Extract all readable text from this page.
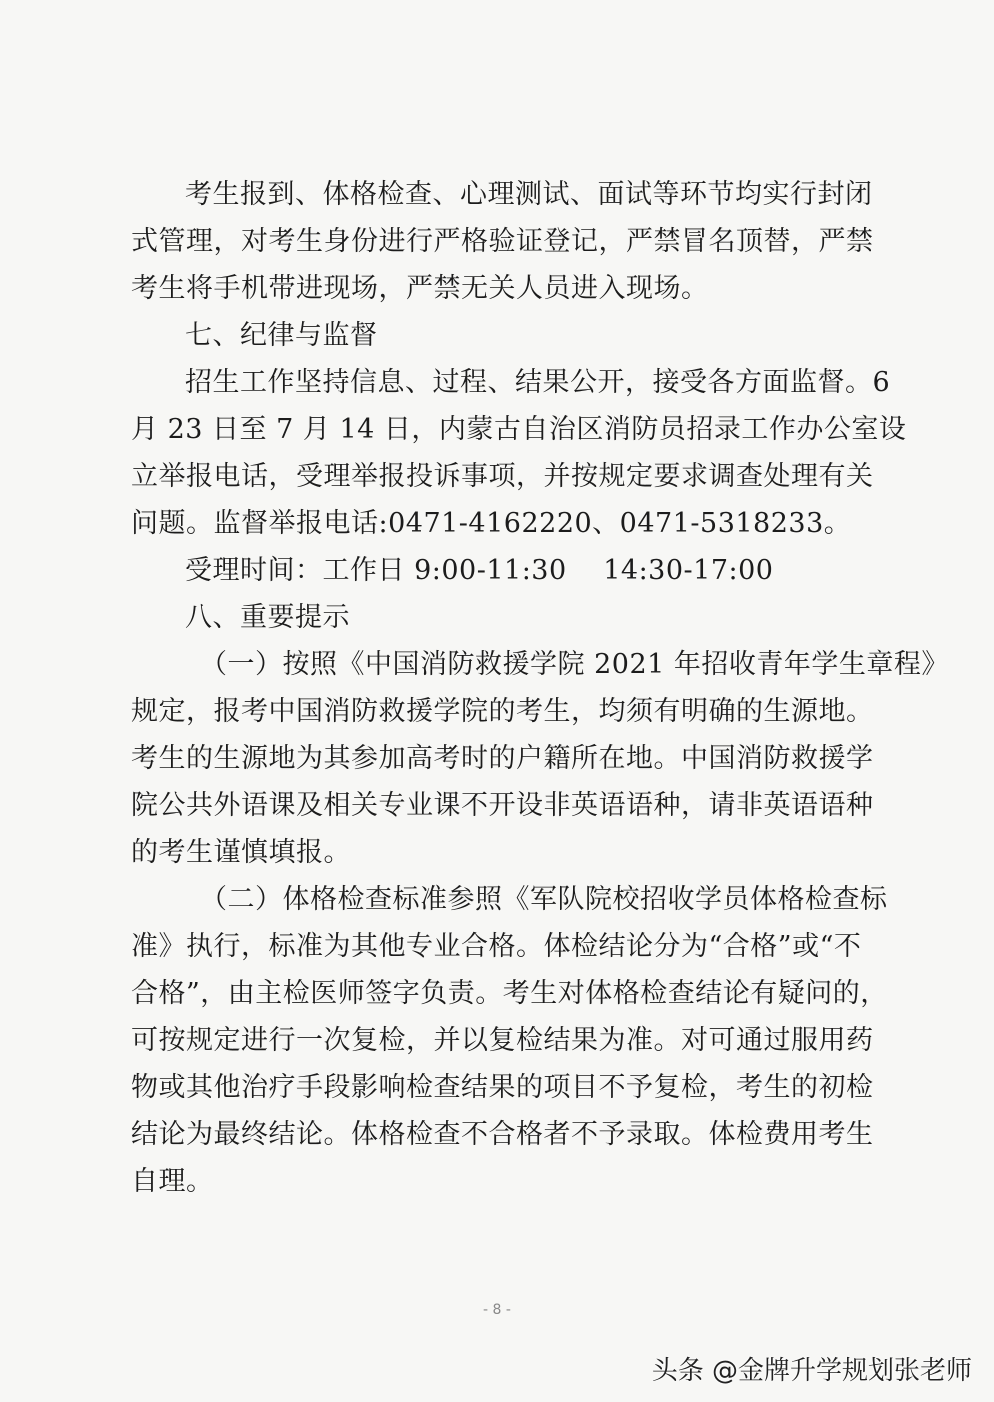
考生报到、体格检查、心理测试、面试等环节均实行封闭
式管理，对考生身份进行严格验证登记，严禁冒名顶替，严禁
考生将手机带进现场，严禁无关人员进入现场。
七、纪律与监督
招生工作坚持信息、过程、结果公开，接受各方面监督。6
月 23 日至 7 月 14 日，内蒙古自治区消防员招录工作办公室设
立举报电话，受理举报投诉事项，并按规定要求调查处理有关
问题。监督举报电话:0471-4162220、0471-5318233。
受理时间：工作日 9:00-11:30　 14:30-17:00
八、重要提示
（一）按照《中国消防救援学院 2021 年招收青年学生章程》
规定，报考中国消防救援学院的考生，均须有明确的生源地。
考生的生源地为其参加高考时的户籍所在地。中国消防救援学
院公共外语课及相关专业课不开设非英语语种，请非英语语种
的考生谨慎填报。
（二）体格检查标准参照《军队院校招收学员体格检查标
准》执行，标准为其他专业合格。体检结论分为“合格”或“不
合格”，由主检医师签字负责。考生对体格检查结论有疑问的，
可按规定进行一次复检，并以复检结果为准。对可通过服用药
物或其他治疗手段影响检查结果的项目不予复检，考生的初检
结论为最终结论。体格检查不合格者不予录取。体检费用考生
自理。
- 8 -
头条 @金牌升学规划张老师
